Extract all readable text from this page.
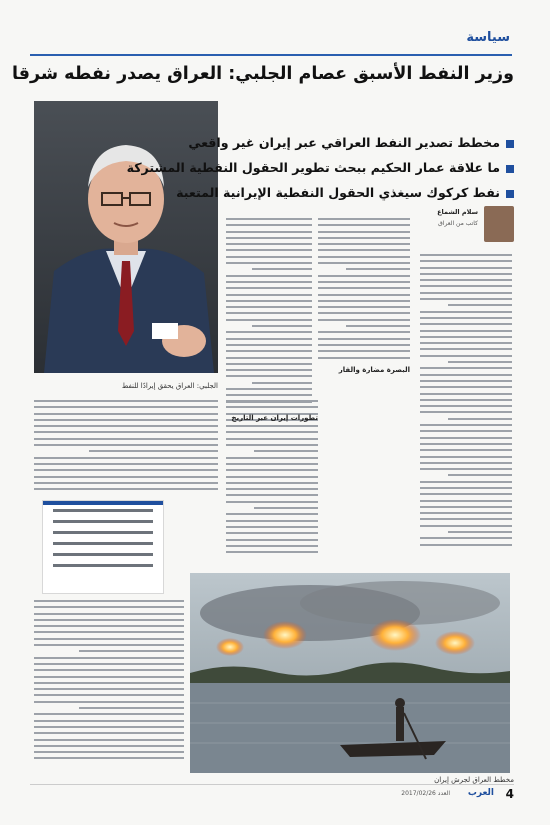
سياسة
وزير النفط الأسبق عصام الجلبي: العراق يصدر نفطه شرقا
الجلبي: العراق يحقق إيرادًا للنفط
مخطط تصدير النفط العراقي عبر إيران غير واقعي
ما علاقة عمار الحكيم ببحث تطوير الحقول النفطية المشتركة
نفط كركوك سيغذي الحقول النفطية الإيرانية المتعبة
سلام الشماع
كاتب من العراق
البصرة مضارة والفار
تطورات إيران عبر التاريخ
مخطط العراق لجرش إيران
4
العرب
العدد 2017/02/26
